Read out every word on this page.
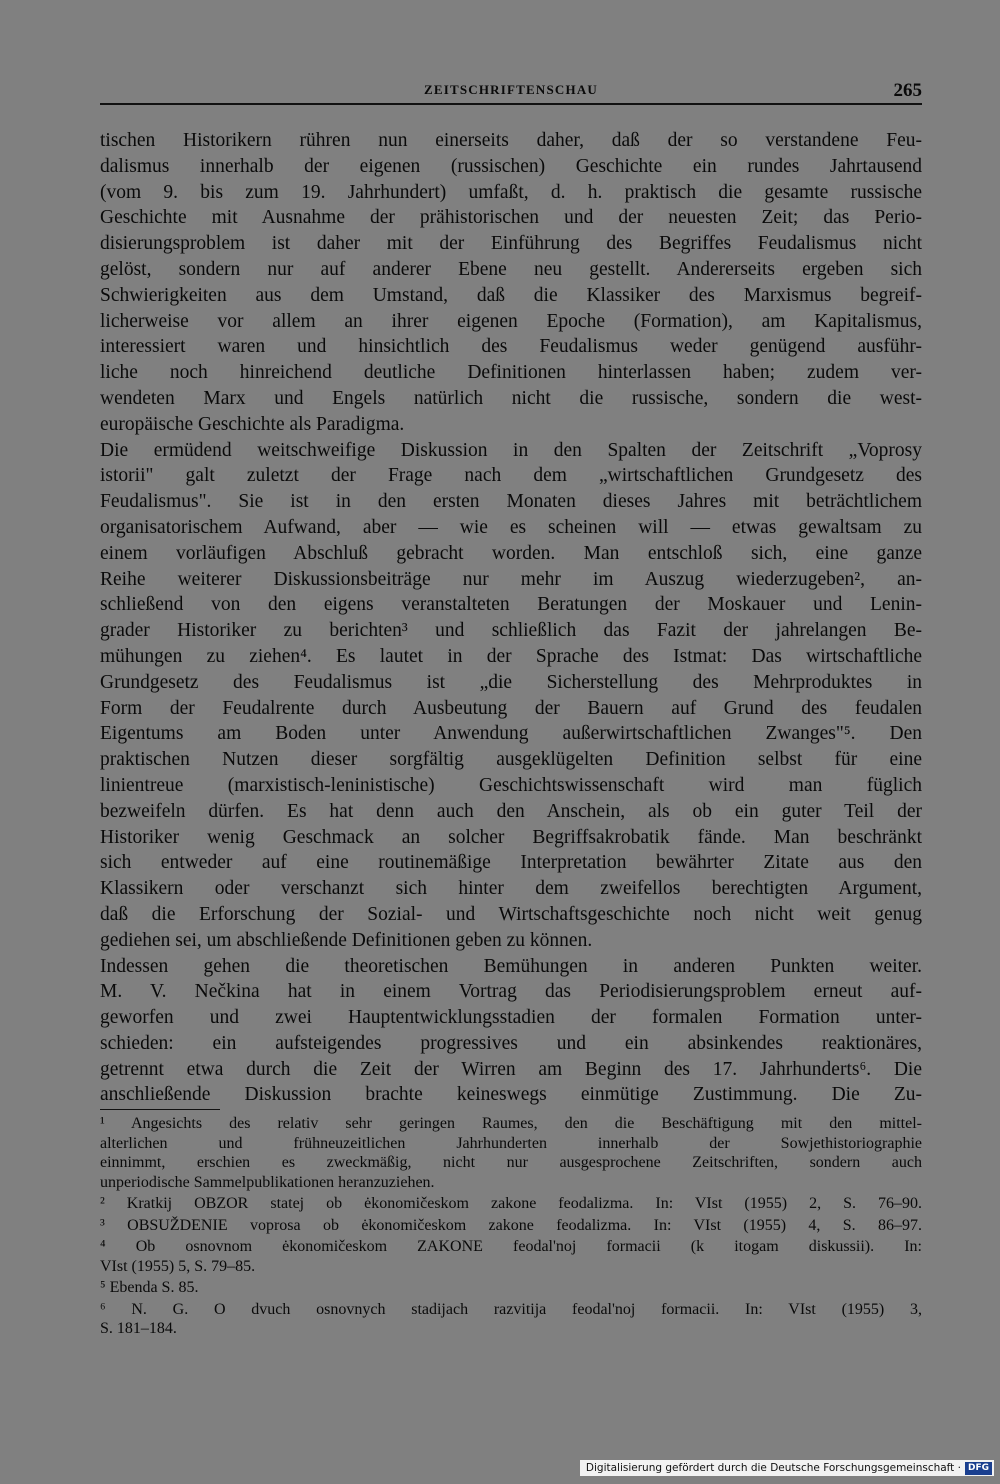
ZEITSCHRIFTENSCHAU	265
tischen Historikern rühren nun einerseits daher, daß der so verstandene Feu-
dalismus innerhalb der eigenen (russischen) Geschichte ein rundes Jahrtausend
(vom 9. bis zum 19. Jahrhundert) umfaßt, d. h. praktisch die gesamte russische
Geschichte mit Ausnahme der prähistorischen und der neuesten Zeit; das Perio-
disierungsproblem ist daher mit der Einführung des Begriffes Feudalismus nicht
gelöst, sondern nur auf anderer Ebene neu gestellt. Andererseits ergeben sich
Schwierigkeiten aus dem Umstand, daß die Klassiker des Marxismus begreif-
licherweise vor allem an ihrer eigenen Epoche (Formation), am Kapitalismus,
interessiert waren und hinsichtlich des Feudalismus weder genügend ausführ-
liche noch hinreichend deutliche Definitionen hinterlassen haben; zudem ver-
wendeten Marx und Engels natürlich nicht die russische, sondern die west-
europäische Geschichte als Paradigma.
Die ermüdend weitschweifige Diskussion in den Spalten der Zeitschrift „Voprosy
istorii" galt zuletzt der Frage nach dem „wirtschaftlichen Grundgesetz des
Feudalismus". Sie ist in den ersten Monaten dieses Jahres mit beträchtlichem
organisatorischem Aufwand, aber — wie es scheinen will — etwas gewaltsam zu
einem vorläufigen Abschluß gebracht worden. Man entschloß sich, eine ganze
Reihe weiterer Diskussionsbeiträge nur mehr im Auszug wiederzugeben², an-
schließend von den eigens veranstalteten Beratungen der Moskauer und Lenin-
grader Historiker zu berichten³ und schließlich das Fazit der jahrelangen Be-
mühungen zu ziehen⁴. Es lautet in der Sprache des Istmat: Das wirtschaftliche
Grundgesetz des Feudalismus ist „die Sicherstellung des Mehrproduktes in
Form der Feudalrente durch Ausbeutung der Bauern auf Grund des feudalen
Eigentums am Boden unter Anwendung außerwirtschaftlichen Zwanges"⁵. Den
praktischen Nutzen dieser sorgfältig ausgeklügelten Definition selbst für eine
linientreue (marxistisch-leninistische) Geschichtswissenschaft wird man füglich
bezweifeln dürfen. Es hat denn auch den Anschein, als ob ein guter Teil der
Historiker wenig Geschmack an solcher Begriffsakrobatik fände. Man beschränkt
sich entweder auf eine routinemäßige Interpretation bewährter Zitate aus den
Klassikern oder verschanzt sich hinter dem zweifellos berechtigten Argument,
daß die Erforschung der Sozial- und Wirtschaftsgeschichte noch nicht weit genug
gediehen sei, um abschließende Definitionen geben zu können.
Indessen gehen die theoretischen Bemühungen in anderen Punkten weiter.
M. V. Nečkina hat in einem Vortrag das Periodisierungsproblem erneut auf-
geworfen und zwei Hauptentwicklungsstadien der formalen Formation unter-
schieden: ein aufsteigendes progressives und ein absinkendes reaktionäres,
getrennt etwa durch die Zeit der Wirren am Beginn des 17. Jahrhunderts⁶. Die
anschließende Diskussion brachte keineswegs einmütige Zustimmung. Die Zu-
¹ Angesichts des relativ sehr geringen Raumes, den die Beschäftigung mit den mittel-
alterlichen und frühneuzeitlichen Jahrhunderten innerhalb der Sowjethistoriographie
einnimmt, erschien es zweckmäßig, nicht nur ausgesprochene Zeitschriften, sondern auch
unperiodische Sammelpublikationen heranzuziehen.
² Kratkij OBZOR statej ob ėkonomičeskom zakone feodalizma. In: VIst (1955) 2, S. 76–90.
³ OBSUŽDENIE voprosa ob ėkonomičeskom zakone feodalizma. In: VIst (1955) 4, S. 86–97.
⁴ Ob osnovnom ėkonomičeskom ZAKONE feodal'noj formacii (k itogam diskussii). In:
VIst (1955) 5, S. 79–85.
⁵ Ebenda S. 85.
⁶ N. G. O dvuch osnovnych stadijach razvitija feodal'noj formacii. In: VIst (1955) 3,
S. 181–184.
Digitalisierung gefördert durch die Deutsche Forschungsgemeinschaft · DFG
